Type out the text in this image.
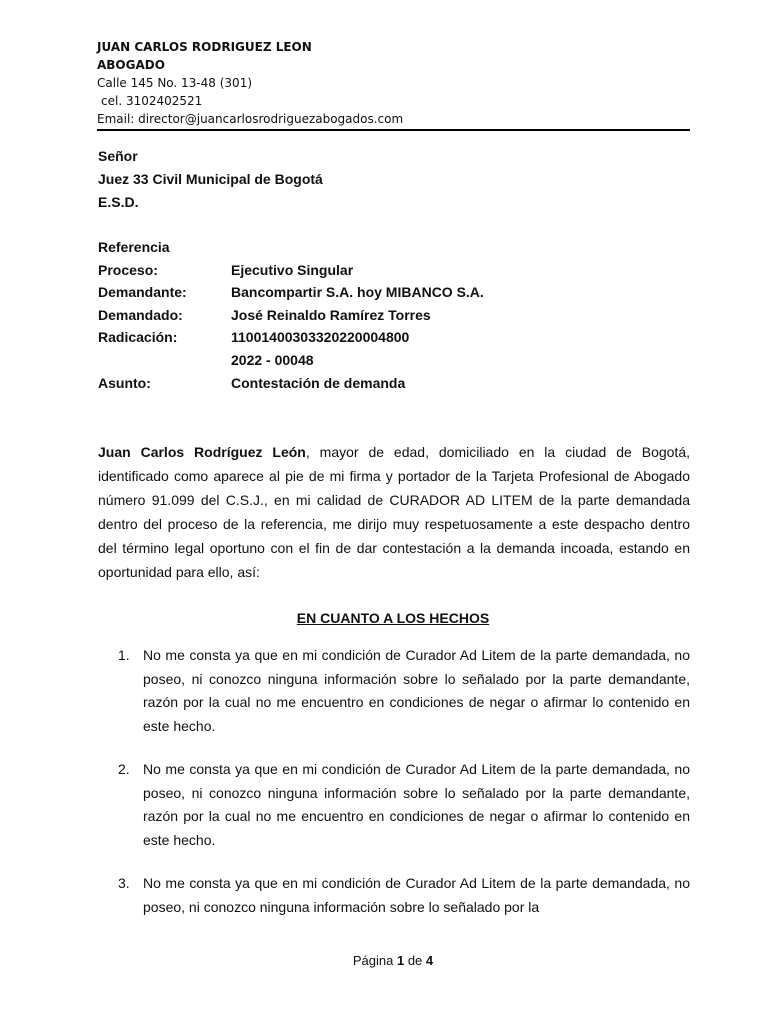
JUAN CARLOS RODRIGUEZ LEON
ABOGADO
Calle 145 No. 13-48 (301)
cel. 3102402521
Email: director@juancarlosrodriguezabogados.com
Señor
Juez 33 Civil Municipal de Bogotá
E.S.D.
Referencia
Proceso:	Ejecutivo Singular
Demandante:	Bancompartir S.A. hoy MIBANCO S.A.
Demandado:	José Reinaldo Ramírez Torres
Radicación:	11001400303320220004800
2022 - 00048
Asunto:	Contestación de demanda
Juan Carlos Rodríguez León, mayor de edad, domiciliado en la ciudad de Bogotá, identificado como aparece al pie de mi firma y portador de la Tarjeta Profesional de Abogado número 91.099 del C.S.J., en mi calidad de CURADOR AD LITEM de la parte demandada dentro del proceso de la referencia, me dirijo muy respetuosamente a este despacho dentro del término legal oportuno con el fin de dar contestación a la demanda incoada, estando en oportunidad para ello, así:
EN CUANTO A LOS HECHOS
1. No me consta ya que en mi condición de Curador Ad Litem de la parte demandada, no poseo, ni conozco ninguna información sobre lo señalado por la parte demandante, razón por la cual no me encuentro en condiciones de negar o afirmar lo contenido en este hecho.
2. No me consta ya que en mi condición de Curador Ad Litem de la parte demandada, no poseo, ni conozco ninguna información sobre lo señalado por la parte demandante, razón por la cual no me encuentro en condiciones de negar o afirmar lo contenido en este hecho.
3. No me consta ya que en mi condición de Curador Ad Litem de la parte demandada, no poseo, ni conozco ninguna información sobre lo señalado por la
Página 1 de 4
